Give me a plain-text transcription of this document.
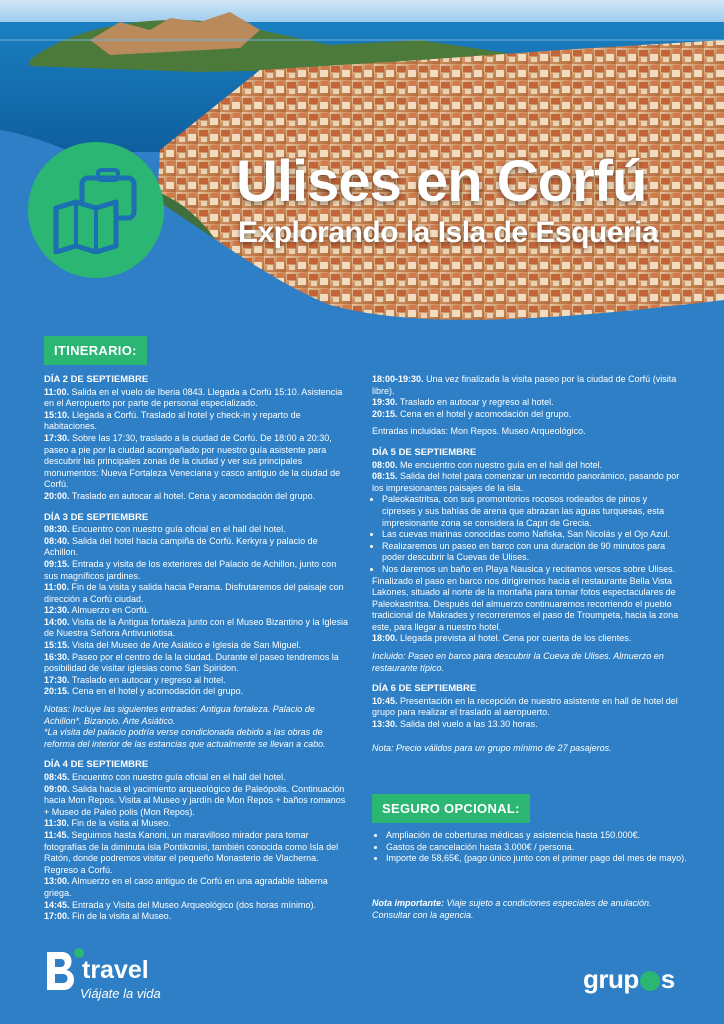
Ulises en Corfú
Explorando la Isla de Esqueria
ITINERARIO:

DÍA 2 DE SEPTIEMBRE

11:00. Salida en el vuelo de Iberia 0843. Llegada a Corfú 15:10. Asistencia en el Aeropuerto por parte de personal especializado.

15:10. Llegada a Corfú. Traslado al hotel y check-in y reparto de habitaciones.

17:30. Sobre las 17:30, traslado a la ciudad de Corfú. De 18:00 a 20:30, paseo a pie por la ciudad acompañado por nuestro guía asistente para descubrir las principales zonas de la ciudad y ver sus principales monumentos: Nueva Fortaleza Veneciana y casco antiguo de la ciudad de Corfú.

20:00. Traslado en autocar al hotel. Cena y acomodación del grupo.

DÍA 3 DE SEPTIEMBRE

08:30. Encuentro con nuestro guía oficial en el hall del hotel.

08:40. Salida del hotel hacia campiña de Corfú. Kerkyra y palacio de Achillon.

09:15. Entrada y visita de los exteriores del Palacio de Achillon, junto con sus magníficos jardines.

11:00. Fin de la visita y salida hacia Perama. Disfrutaremos del paisaje con dirección a Corfú ciudad.

12:30. Almuerzo en Corfú.

14:00. Visita de la Antigua fortaleza junto con el Museo Bizantino y la Iglesia de Nuestra Señora Antivuniotisa.

15:15. Visita del Museo de Arte Asiático e Iglesia de San Miguel.

16:30. Paseo por el centro de la la ciudad. Durante el paseo tendremos la posibilidad de visitar iglesias como San Spiridon.

17:30. Traslado en autocar y regreso al hotel.

20:15. Cena en el hotel y acomodación del grupo.

Notas: Incluye las siguientes entradas: Antigua fortaleza. Palacio de Achillon*. Bizancio. Arte Asiático.

*La visita del palacio podría verse condicionada debido a las obras de reforma del interior de las estancias que actualmente se llevan a cabo.

DÍA 4 DE SEPTIEMBRE

08:45. Encuentro con nuestro guía oficial en el hall del hotel.

09:00. Salida hacia el yacimiento arqueológico de Paleópolis. Continuación hacia Mon Repos. Visita al Museo y jardín de Mon Repos + baños romanos + Museo de Paleó polis (Mon Repos).

11:30. Fin de la visita al Museo.

11:45. Seguimos hasta Kanoni, un maravilloso mirador para tomar fotografías de la diminuta isla Pontikonisi, también conocida como Isla del Ratón, donde podremos visitar el pequeño Monasterio de Vlacherna. Regreso a Corfú.

13:00. Almuerzo en el caso antiguo de Corfú en una agradable taberna griega.

14:45. Entrada y Visita del Museo Arqueológico (dos horas mínimo).

17:00. Fin de la visita al Museo.

18:00-19:30. Una vez finalizada la visita paseo por la ciudad de Corfú (visita libre).

19:30. Traslado en autocar y regreso al hotel.

20:15. Cena en el hotel y acomodación del grupo.

Entradas incluidas: Mon Repos. Museo Arqueológico.

DÍA 5 DE SEPTIEMBRE

08:00. Me encuentro con nuestro guía en el hall del hotel.

08:15. Salida del hotel para comenzar un recorrido panorámico, pasando por los impresionantes paisajes de la isla.

• Paleokastritsa, con sus promontorios rocosos rodeados de pinos y cipreses y sus bahías de arena que abrazan las aguas turquesas, esta impresionante zona se considera la Capri de Grecia.
• Las cuevas marinas conocidas como Nafiska, San Nicolás y el Ojo Azul.
• Realizaremos un paseo en barco con una duración de 90 minutos para poder descubrir la Cuevas de Ulises.
• Nos daremos un baño en Playa Nausica y recitamos versos sobre Ulises.

Finalizado el paso en barco nos dirigiremos hacia el restaurante Bella Vista Lakones, situado al norte de la montaña para tomar fotos espectaculares de Paleokastritsa. Después del almuerzo continuaremos recorriendo el pueblo tradicional de Makrades y recorreremos el paso de Troumpeta, hacia la zona este, para llegar a nuestro hotel.

18:00. Llegada prevista al hotel. Cena por cuenta de los clientes.

Incluido: Paseo en barco para descubrir la Cueva de Ulises. Almuerzo en restaurante típico.

DÍA 6 DE SEPTIEMBRE

10:45. Presentación en la recepción de nuestro asistente en hall de hotel del grupo para realizar el traslado al aeropuerto.

13:30. Salida del vuelo a las 13.30 horas.

Nota: Precio válidos para un grupo mínimo de 27 pasajeros.

SEGURO OPCIONAL:
• Ampliación de coberturas médicas y asistencia hasta 150.000€.
• Gastos de cancelación hasta 3.000€ / persona.
• Importe de 58,65€, (pago único junto con el primer pago del mes de mayo).
Nota importante: Viaje sujeto a condiciones especiales de anulación. Consultar con la agencia.
travel
Viájate la vida	grup s
